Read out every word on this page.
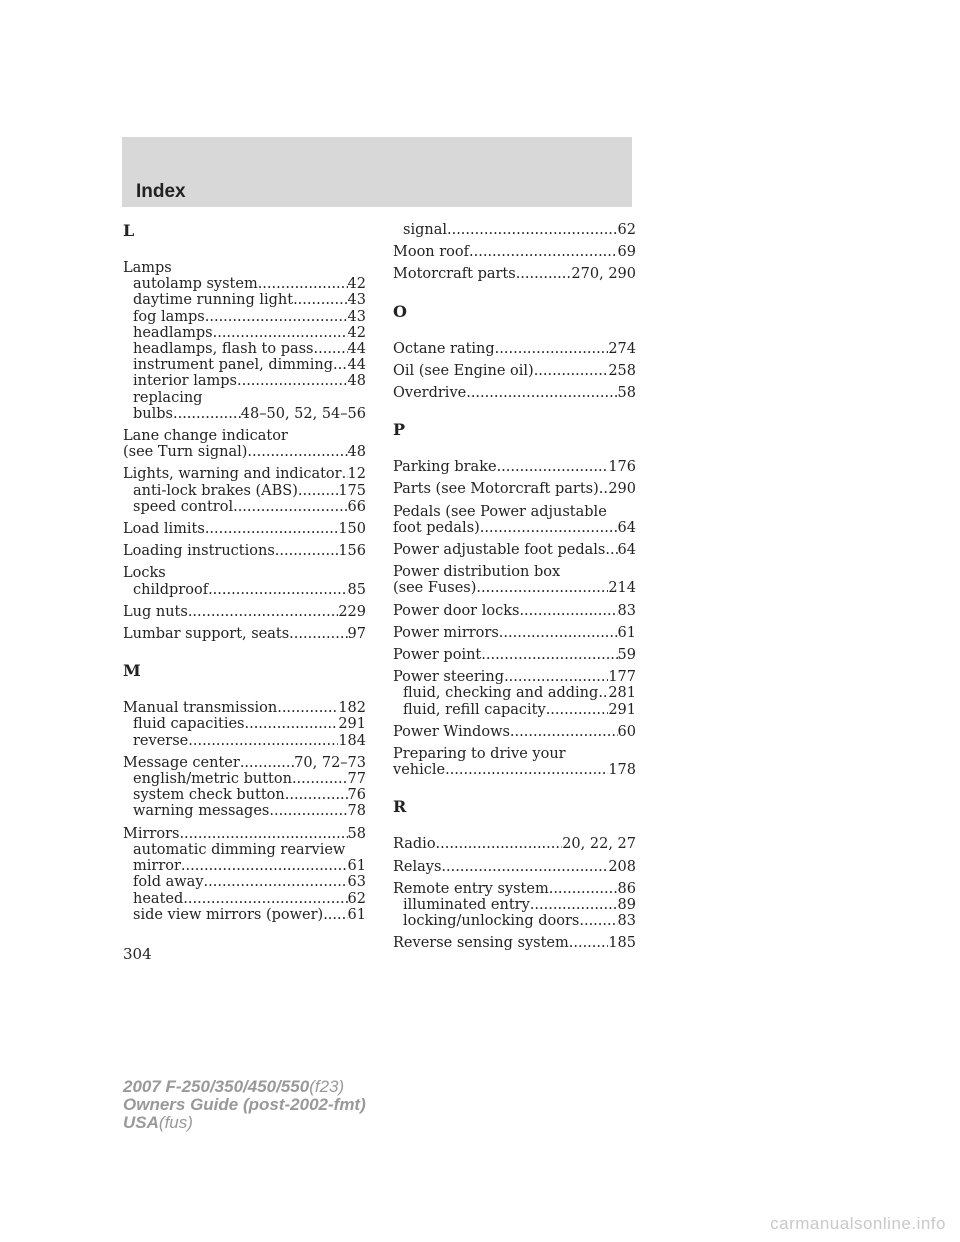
Index
L
Lamps
autolamp system .....	42
daytime running light .....	43
fog lamps .....	43
headlamps .....	42
headlamps, flash to pass ..... 44
instrument panel, dimming ..... 44
interior lamps .....	48
replacing
bulbs .....	48–50, 52, 54–56
Lane change indicator
(see Turn signal) .....	48
Lights, warning and indicator ..... 12
anti-lock brakes (ABS) .....	175
speed control .....	66
Load limits .....	150
Loading instructions .....	156
Locks
childproof .....	85
Lug nuts .....	229
Lumbar support, seats .....	97
M
Manual transmission .....	182
fluid capacities .....	291
reverse .....	184
Message center .....	70, 72–73
english/metric button .....	77
system check button .....	76
warning messages .....	78
Mirrors .....	58
automatic dimming rearview
mirror .....	61
fold away .....	63
heated .....	62
side view mirrors (power) ..... 61
signal .....	62
Moon roof .....	69
Motorcraft parts .....	270, 290
O
Octane rating .....	274
Oil (see Engine oil) .....	258
Overdrive .....	58
P
Parking brake .....	176
Parts (see Motorcraft parts) ..... 290
Pedals (see Power adjustable
foot pedals) .....	64
Power adjustable foot pedals ..... 64
Power distribution box
(see Fuses) .....	214
Power door locks .....	83
Power mirrors .....	61
Power point .....	59
Power steering .....	177
fluid, checking and adding ..... 281
fluid, refill capacity .....	291
Power Windows .....	60
Preparing to drive your
vehicle .....	178
R
Radio .....	20, 22, 27
Relays .....	208
Remote entry system .....	86
illuminated entry .....	89
locking/unlocking doors .....	83
Reverse sensing system .....	185
304
2007 F-250/350/450/550(f23)
Owners Guide (post-2002-fmt)
USA(fus)
carmanualsonline.info
